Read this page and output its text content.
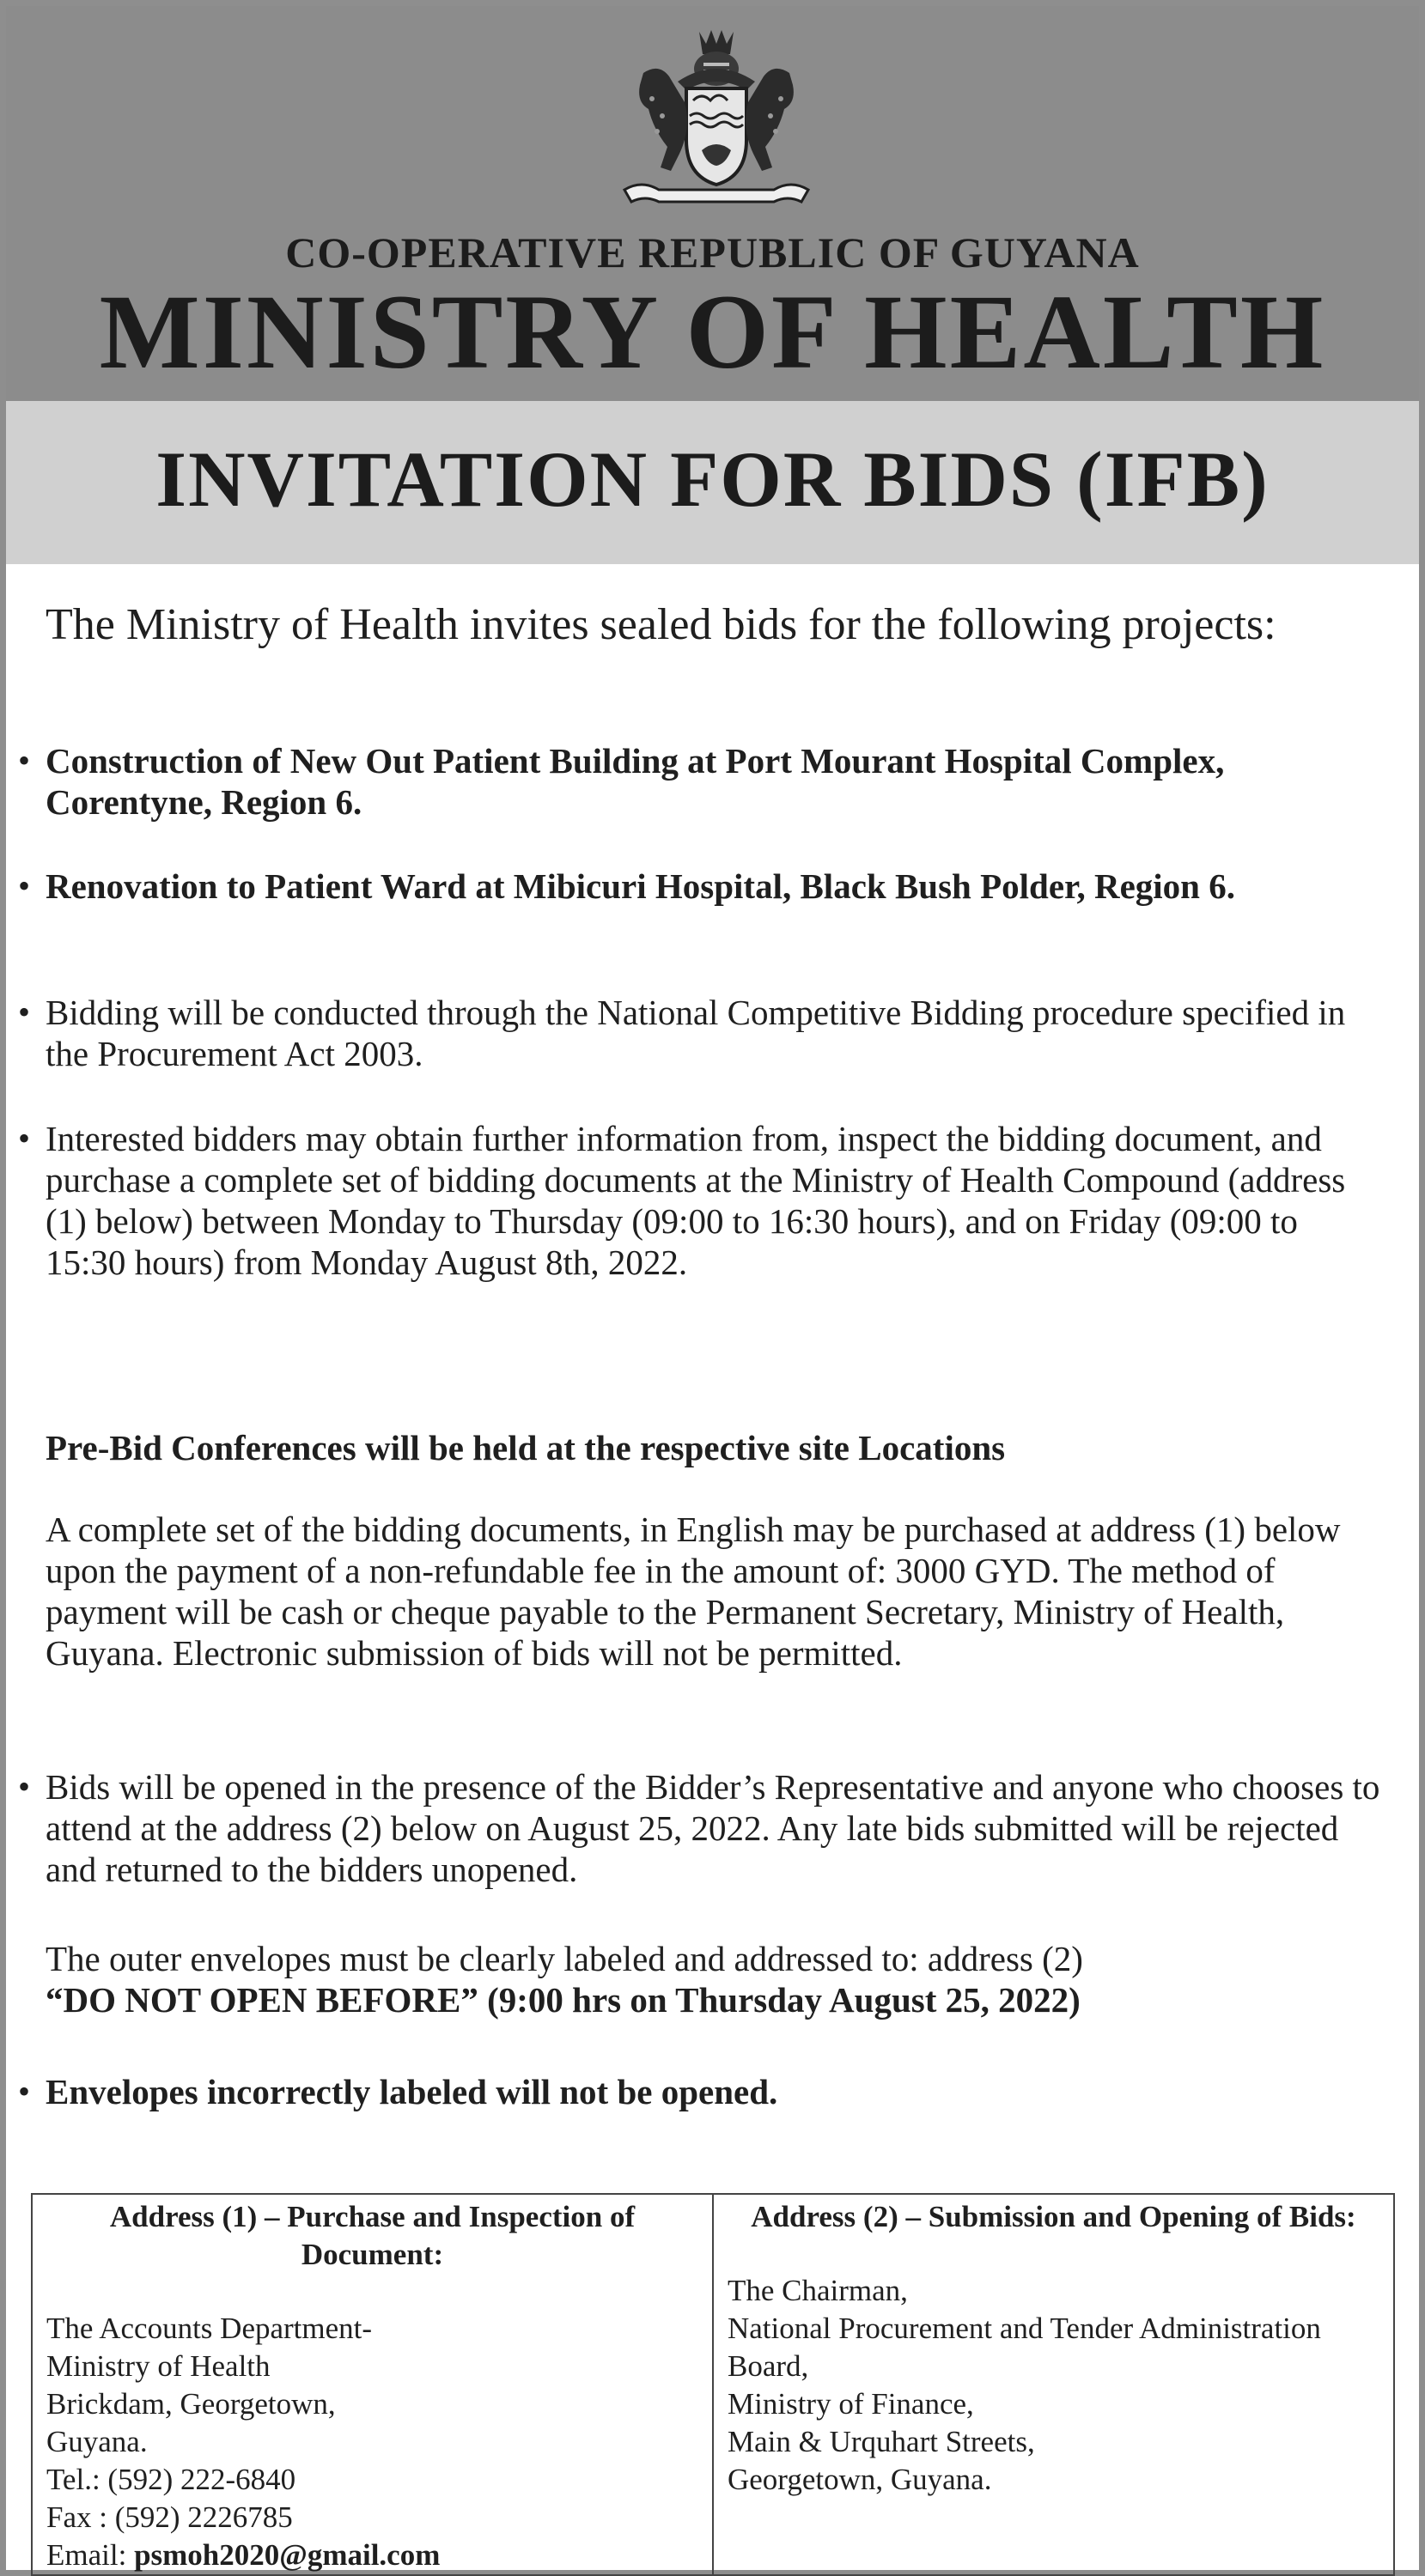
CO-OPERATIVE REPUBLIC OF GUYANA
MINISTRY OF HEALTH
INVITATION FOR BIDS (IFB)
The Ministry of Health invites sealed bids for the following projects:
• Construction of New Out Patient Building at Port Mourant Hospital Complex, Corentyne, Region 6.
• Renovation to Patient Ward at Mibicuri Hospital, Black Bush Polder, Region 6.
• Bidding will be conducted through the National Competitive Bidding procedure specified in the Procurement Act 2003.
• Interested bidders may obtain further information from, inspect the bidding document, and purchase a complete set of bidding documents at the Ministry of Health Compound (address (1) below) between Monday to Thursday (09:00 to 16:30 hours), and on Friday (09:00 to 15:30 hours) from Monday August 8th, 2022.
Pre-Bid Conferences will be held at the respective site Locations
A complete set of the bidding documents, in English may be purchased at address (1) below upon the payment of a non-refundable fee in the amount of: 3000 GYD. The method of payment will be cash or cheque payable to the Permanent Secretary, Ministry of Health, Guyana. Electronic submission of bids will not be permitted.
• Bids will be opened in the presence of the Bidder’s Representative and anyone who chooses to attend at the address (2) below on August 25, 2022. Any late bids submitted will be rejected and returned to the bidders unopened.
The outer envelopes must be clearly labeled and addressed to: address (2)
“DO NOT OPEN BEFORE” (9:00 hrs on Thursday August 25, 2022)
• Envelopes incorrectly labeled will not be opened.
Address (1) – Purchase and Inspection of Document:
The Accounts Department-
Ministry of Health
Brickdam, Georgetown,
Guyana.
Tel.: (592) 222-6840
Fax : (592) 2226785
Email: psmoh2020@gmail.com

Address (2) – Submission and Opening of Bids:
The Chairman,
National Procurement and Tender Administration
Board,
Ministry of Finance,
Main & Urquhart Streets,
Georgetown, Guyana.
